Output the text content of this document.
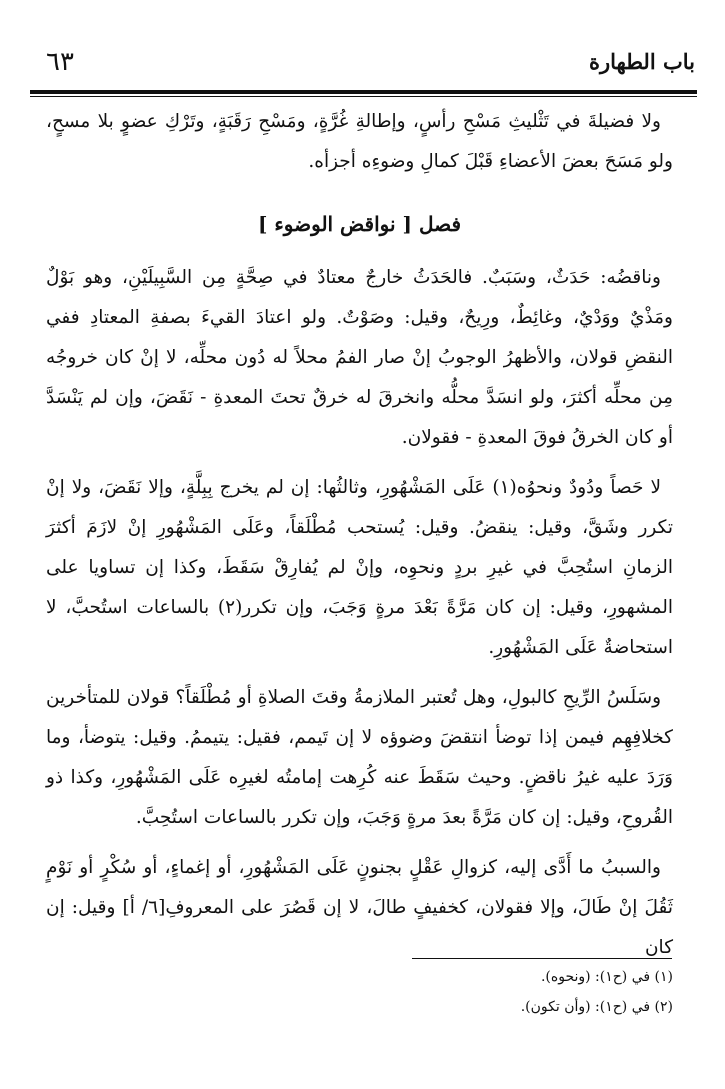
٦٣	باب الطهارة

ولا فضيلةَ في تَثْليثِ مَسْحِ رأسٍ، وإطالةِ غُرَّةٍ، ومَسْحِ رَقَبَةٍ، وتَرْكِ عضوٍ بلا مسحٍ، ولو مَسَحَ بعضَ الأعضاءِ قَبْلَ كمالِ وضوءِه أجزأه.

فصل [ نواقض الوضوء ]

وناقضُه: حَدَثٌ، وسَبَبٌ. فالحَدَثُ خارجٌ معتادٌ في صِحَّةٍ مِن السَّبِيلَيْنِ، وهو بَوْلٌ ومَذْيٌ ووَدْيٌ، وغائِطٌ، ورِيحٌ، وقيل: وصَوْتٌ. ولو اعتادَ القيءَ بصفةِ المعتادِ ففي النقضِ قولان، والأظهرُ الوجوبُ إنْ صار الفمُ محلاً له دُون محلِّه، لا إنْ كان خروجُه مِن محلِّه أكثرَ، ولو انسَدَّ محلُّه وانخرقَ له خرقٌ تحتَ المعدةِ - نَقَضَ، وإن لم يَنْسَدَّ أو كان الخرقُ فوقَ المعدةِ - فقولان.

لا حَصاً ودُودٌ ونحوُه(١) عَلَى المَشْهُورِ، وثالثُها: إن لم يخرج بِبِلَّةٍ، وإلا نَقَضَ، ولا إنْ تكرر وشَقَّ، وقيل: ينقضُ. وقيل: يُستحب مُطْلَقاً، وعَلَى المَشْهُورِ إنْ لازَمَ أكثرَ الزمانِ استُحِبَّ في غيرِ بردٍ ونحوِه، وإنْ لم يُفارِقْ سَقَطَ، وكذا إن تساويا على المشهورِ، وقيل: إن كان مَرَّةً بَعْدَ مرةٍ وَجَبَ، وإن تكرر(٢) بالساعات استُحبَّ، لا استحاضةٌ عَلَى المَشْهُورِ.

وسَلَسُ الرِّيحِ كالبولِ، وهل تُعتبر الملازمةُ وقتَ الصلاةِ أو مُطْلَقاً؟ قولان للمتأخرين كخلافِهِم فيمن إذا توضأ انتقضَ وضوؤه لا إن تَيمم، فقيل: يتيممُ. وقيل: يتوضأ، وما وَرَدَ عليه غيرُ ناقضٍ. وحيث سَقَطَ عنه كُرِهت إمامتُه لغيرِه عَلَى المَشْهُورِ، وكذا ذو القُروحِ، وقيل: إن كان مَرَّةً بعدَ مرةٍ وَجَبَ، وإن تكرر بالساعات استُحِبَّ.

والسببُ ما أَدَّى إليه، كزوالِ عَقْلٍ بجنونٍ عَلَى المَشْهُورِ، أو إغماءٍ، أو سُكْرٍ أو نَوْمٍ ثَقُلَ إنْ طَالَ، وإلا فقولان، كخفيفٍ طالَ، لا إن قَصُرَ على المعروفِ[٦/ أ] وقيل: إن كان

(١) في (ح١): (ونحوه).
(٢) في (ح١): (وأن تكون).
